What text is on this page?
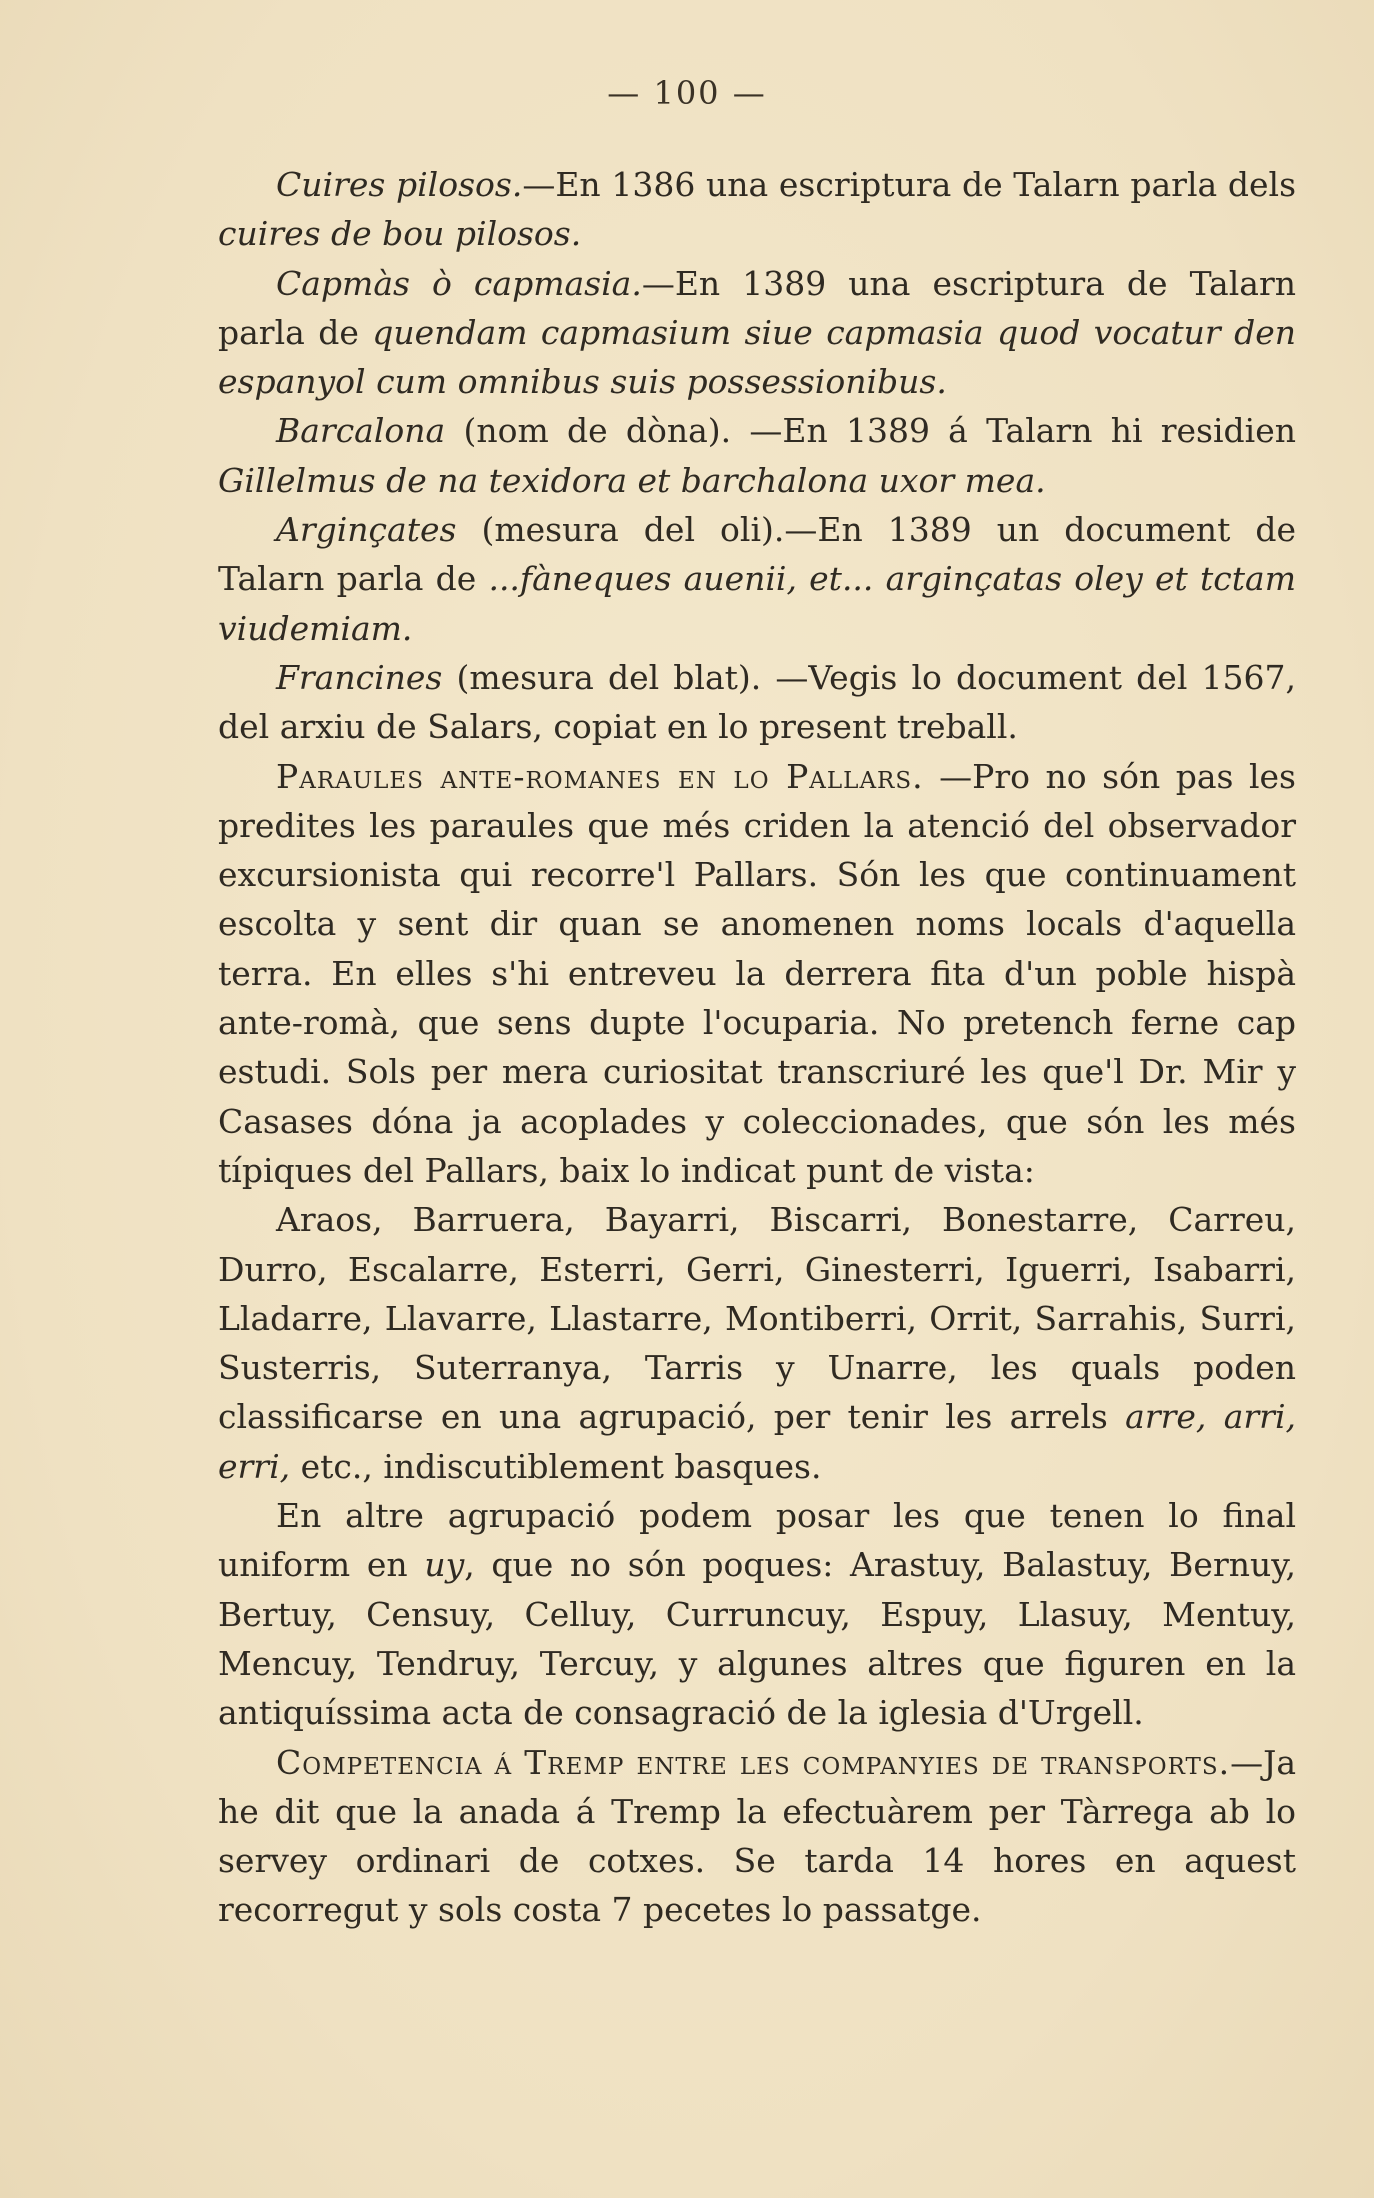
— 100 —

Cuires pilosos.—En 1386 una escriptura de Talarn parla dels cuires de bou pilosos.

Capmàs ò capmasia.—En 1389 una escriptura de Talarn parla de quendam capmasium siue capmasia quod vocatur den espanyol cum omnibus suis possessionibus.

Barcalona (nom de dòna). —En 1389 á Talarn hi residien Gillelmus de na texidora et barchalona uxor mea.

Arginçates (mesura del oli).—En 1389 un document de Talarn parla de ...fàneques auenii, et... arginçatas oley et tctam viudemiam.

Francines (mesura del blat). —Vegis lo document del 1567, del arxiu de Salars, copiat en lo present treball.

Paraules ante-romanes en lo Pallars. —Pro no són pas les predites les paraules que més criden la atenció del observador excursionista qui recorre'l Pallars. Són les que continuament escolta y sent dir quan se anomenen noms locals d'aquella terra. En elles s'hi entreveu la derrera fita d'un poble hispà ante-romà, que sens dupte l'ocuparia. No pretench ferne cap estudi. Sols per mera curiositat transcriuré les que'l Dr. Mir y Casases dóna ja acoplades y coleccionades, que són les més típiques del Pallars, baix lo indicat punt de vista:

Araos, Barruera, Bayarri, Biscarri, Bonestarre, Carreu, Durro, Escalarre, Esterri, Gerri, Ginesterri, Iguerri, Isabarri, Lladarre, Llavarre, Llastarre, Montiberri, Orrit, Sarrahis, Surri, Susterris, Suterranya, Tarris y Unarre, les quals poden classificarse en una agrupació, per tenir les arrels arre, arri, erri, etc., indiscutiblement basques.

En altre agrupació podem posar les que tenen lo final uniform en uy, que no són poques: Arastuy, Balastuy, Bernuy, Bertuy, Censuy, Celluy, Curruncuy, Espuy, Llasuy, Mentuy, Mencuy, Tendruy, Tercuy, y algunes altres que figuren en la antiquíssima acta de consagració de la iglesia d'Urgell.

Competencia á Tremp entre les companyies de transports.—Ja he dit que la anada á Tremp la efectuàrem per Tàrrega ab lo servey ordinari de cotxes. Se tarda 14 hores en aquest recorregut y sols costa 7 pecetes lo passatge.
